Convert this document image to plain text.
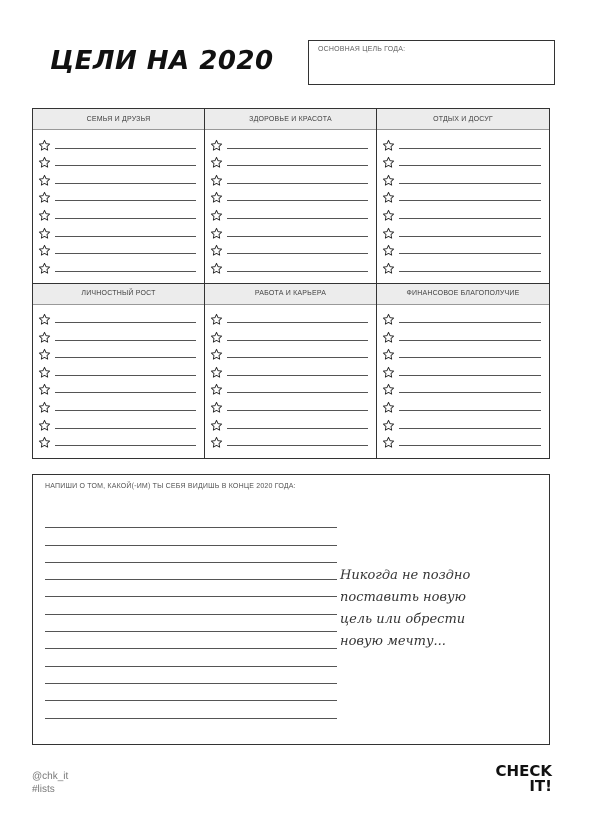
ЦЕЛИ НА 2020	ОСНОВНАЯ ЦЕЛЬ ГОДА:
СЕМЬЯ И ДРУЗЬЯ	ЗДОРОВЬЕ И КРАСОТА	ОТДЫХ И ДОСУГ
ЛИЧНОСТНЫЙ РОСТ	РАБОТА И КАРЬЕРА	ФИНАНСОВОЕ БЛАГОПОЛУЧИЕ
НАПИШИ О ТОМ, КАКОЙ(-ИМ) ТЫ СЕБЯ ВИДИШЬ В КОНЦЕ 2020 ГОДА:
Никогда не поздно
поставить новую
цель или обрести
новую мечту...
@chk_it
#lists
CHECK
IT!
